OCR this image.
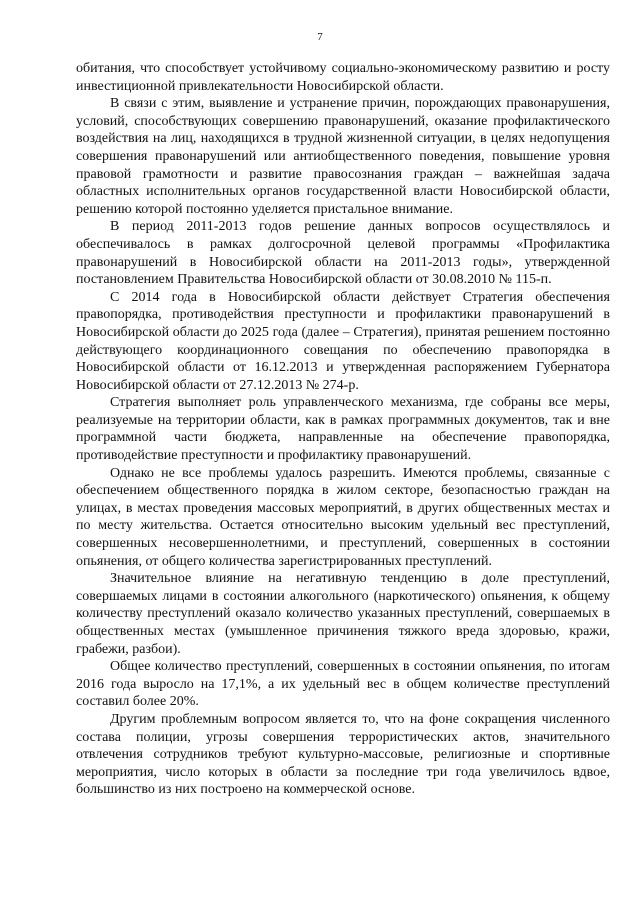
7

обитания, что способствует устойчивому социально-экономическому развитию и росту инвестиционной привлекательности Новосибирской области.

В связи с этим, выявление и устранение причин, порождающих правонарушения, условий, способствующих совершению правонарушений, оказание профилактического воздействия на лиц, находящихся в трудной жизненной ситуации, в целях недопущения совершения правонарушений или антиобщественного поведения, повышение уровня правовой грамотности и развитие правосознания граждан – важнейшая задача областных исполнительных органов государственной власти Новосибирской области, решению которой постоянно уделяется пристальное внимание.

В период 2011-2013 годов решение данных вопросов осуществлялось и обеспечивалось в рамках долгосрочной целевой программы «Профилактика правонарушений в Новосибирской области на 2011-2013 годы», утвержденной постановлением Правительства Новосибирской области от 30.08.2010 № 115-п.

С 2014 года в Новосибирской области действует Стратегия обеспечения правопорядка, противодействия преступности и профилактики правонарушений в Новосибирской области до 2025 года (далее – Стратегия), принятая решением постоянно действующего координационного совещания по обеспечению правопорядка в Новосибирской области от 16.12.2013 и утвержденная распоряжением Губернатора Новосибирской области от 27.12.2013 № 274-р.

Стратегия выполняет роль управленческого механизма, где собраны все меры, реализуемые на территории области, как в рамках программных документов, так и вне программной части бюджета, направленные на обеспечение правопорядка, противодействие преступности и профилактику правонарушений.

Однако не все проблемы удалось разрешить. Имеются проблемы, связанные с обеспечением общественного порядка в жилом секторе, безопасностью граждан на улицах, в местах проведения массовых мероприятий, в других общественных местах и по месту жительства. Остается относительно высоким удельный вес преступлений, совершенных несовершеннолетними, и преступлений, совершенных в состоянии опьянения, от общего количества зарегистрированных преступлений.

Значительное влияние на негативную тенденцию в доле преступлений, совершаемых лицами в состоянии алкогольного (наркотического) опьянения, к общему количеству преступлений оказало количество указанных преступлений, совершаемых в общественных местах (умышленное причинения тяжкого вреда здоровью, кражи, грабежи, разбои).

Общее количество преступлений, совершенных в состоянии опьянения, по итогам 2016 года выросло на 17,1%, а их удельный вес в общем количестве преступлений составил более 20%.

Другим проблемным вопросом является то, что на фоне сокращения численного состава полиции, угрозы совершения террористических актов, значительного отвлечения сотрудников требуют культурно-массовые, религиозные и спортивные мероприятия, число которых в области за последние три года увеличилось вдвое, большинство из них построено на коммерческой основе.
